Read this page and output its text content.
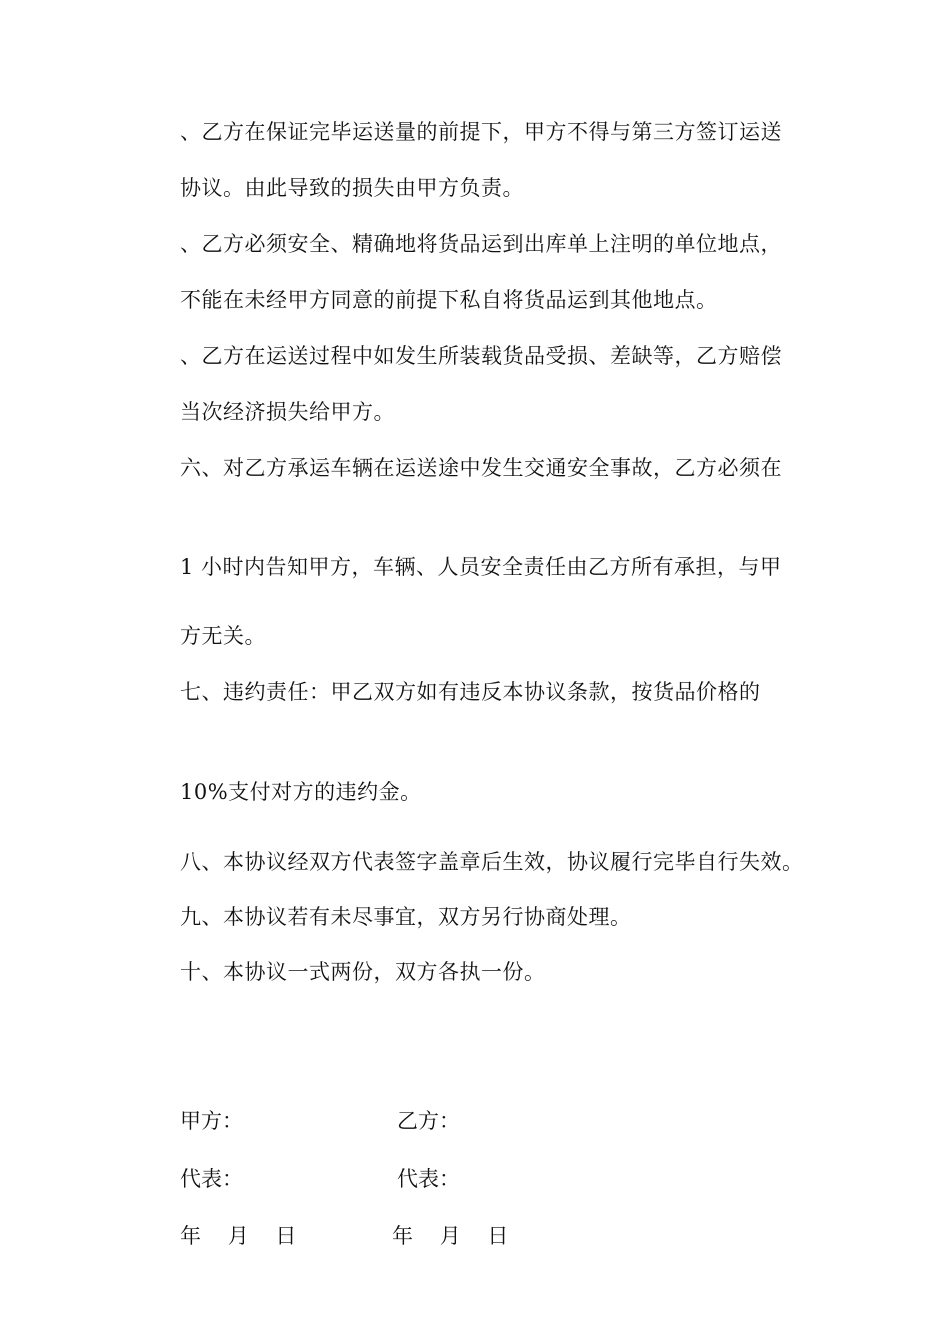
、乙方在保证完毕运送量的前提下，甲方不得与第三方签订运送
协议。由此导致的损失由甲方负责。
、乙方必须安全、精确地将货品运到出库单上注明的单位地点，
不能在未经甲方同意的前提下私自将货品运到其他地点。
、乙方在运送过程中如发生所装载货品受损、差缺等，乙方赔偿
当次经济损失给甲方。
六、对乙方承运车辆在运送途中发生交通安全事故，乙方必须在
1 小时内告知甲方，车辆、人员安全责任由乙方所有承担，与甲
方无关。
七、违约责任：甲乙双方如有违反本协议条款，按货品价格的
10%支付对方的违约金。
八、本协议经双方代表签字盖章后生效，协议履行完毕自行失效。
九、本协议若有未尽事宜，双方另行协商处理。
十、本协议一式两份，双方各执一份。
甲方：	乙方：
代表：	代表：
年    月    日	年    月    日
